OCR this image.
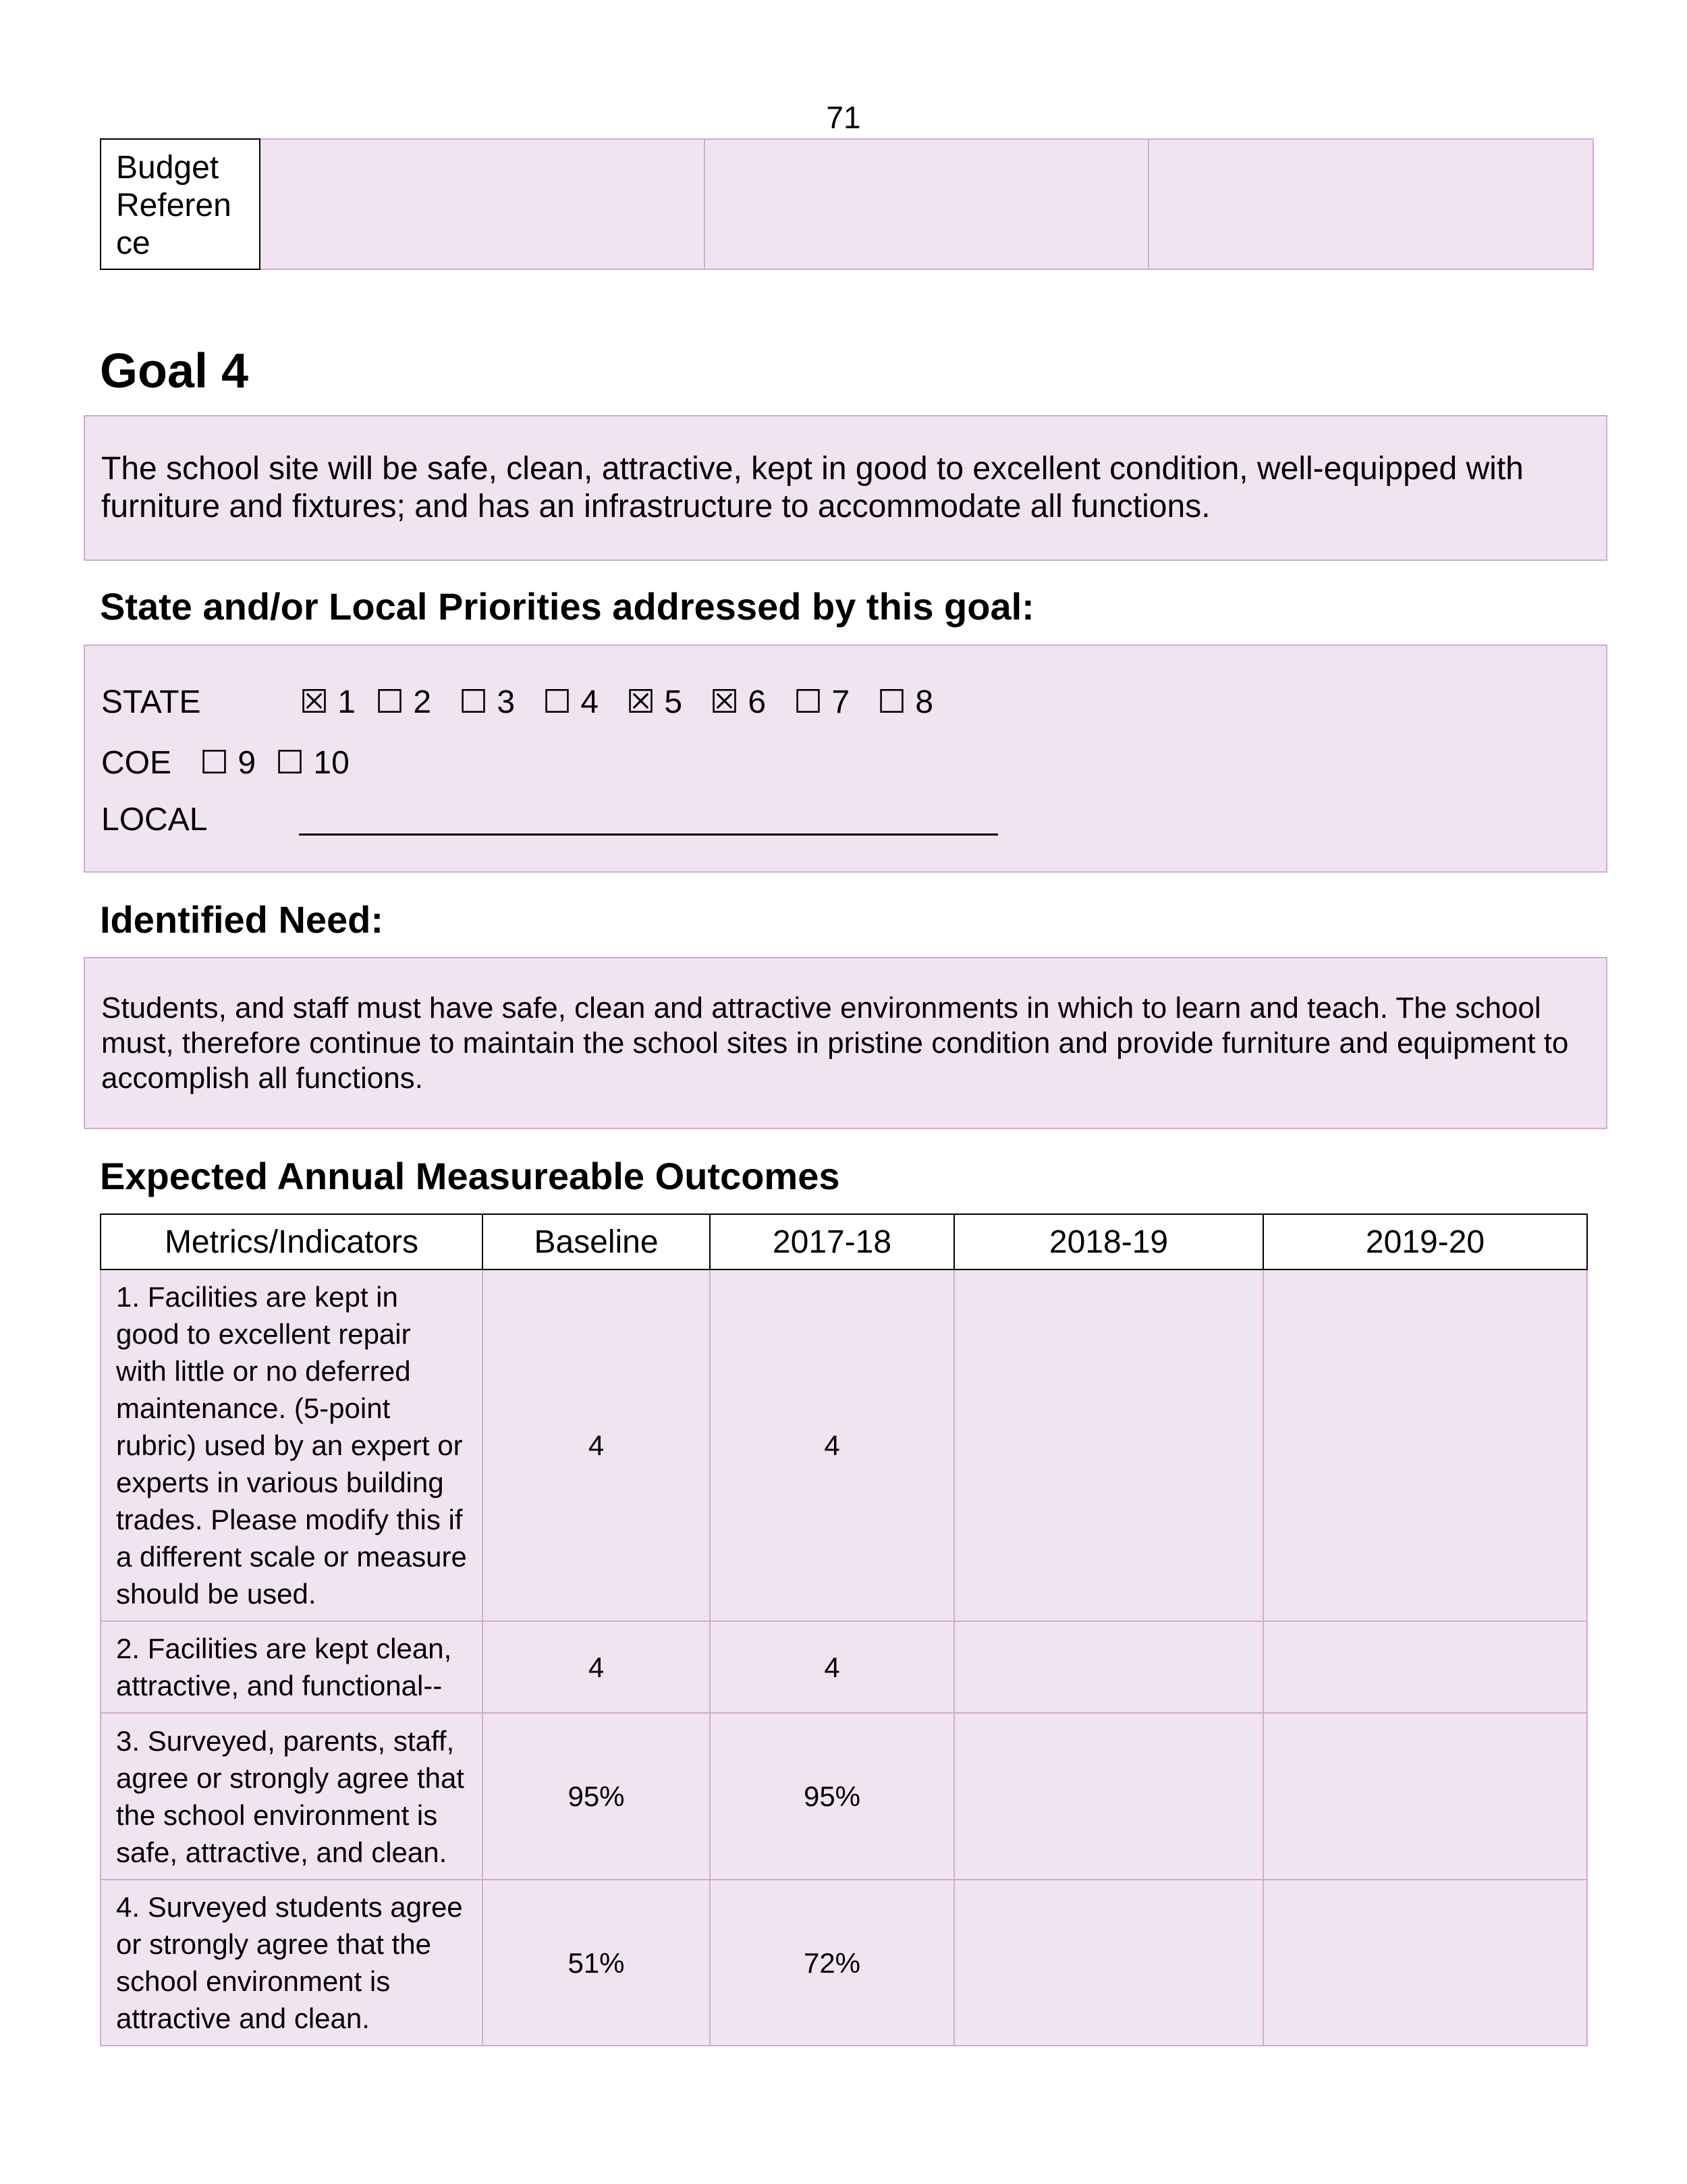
71
Budget Referen ce
Goal 4
The school site will be safe, clean, attractive, kept in good to excellent condition, well-equipped with furniture and fixtures; and has an infrastructure to accommodate all functions.
State and/or Local Priorities addressed by this goal:
STATE	☒ 1 ☐ 2 ☐ 3 ☐ 4 ☒ 5 ☒ 6 ☐ 7 ☐ 8
COE ☐ 9 ☐ 10
LOCAL
Identified Need:
Students, and staff must have safe, clean and attractive environments in which to learn and teach. The school must, therefore continue to maintain the school sites in pristine condition and provide furniture and equipment to accomplish all functions.
Expected Annual Measureable Outcomes
Metrics/Indicators	Baseline	2017-18	2018-19	2019-20
1. Facilities are kept in good to excellent repair with little or no deferred maintenance. (5-point rubric) used by an expert or experts in various building trades. Please modify this if a different scale or measure should be used.	4	4		
2. Facilities are kept clean, attractive, and functional--	4	4		
3. Surveyed, parents, staff, agree or strongly agree that the school environment is safe, attractive, and clean.	95%	95%		
4. Surveyed students agree or strongly agree that the school environment is attractive and clean.	51%	72%		
